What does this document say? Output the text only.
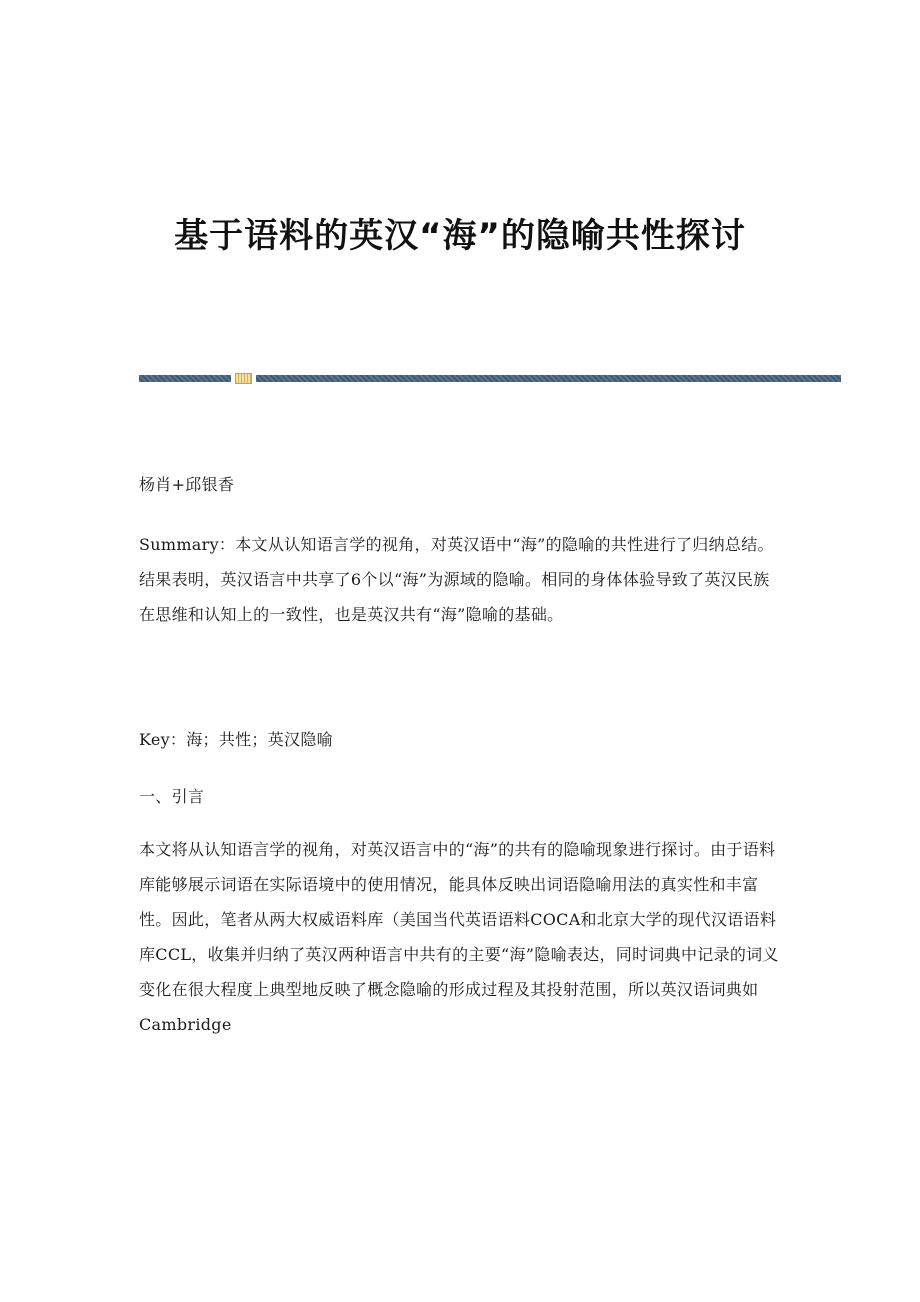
基于语料的英汉“海”的隐喻共性探讨

杨肖+邱银香

Summary：本文从认知语言学的视角，对英汉语中“海”的隐喻的共性进行了归纳总结。结果表明，英汉语言中共享了6个以“海”为源域的隐喻。相同的身体体验导致了英汉民族在思维和认知上的一致性，也是英汉共有“海”隐喻的基础。

Key：海；共性；英汉隐喻

一、引言

本文将从认知语言学的视角，对英汉语言中的“海”的共有的隐喻现象进行探讨。由于语料库能够展示词语在实际语境中的使用情况，能具体反映出词语隐喻用法的真实性和丰富性。因此，笔者从两大权威语料库（美国当代英语语料COCA和北京大学的现代汉语语料库CCL，收集并归纳了英汉两种语言中共有的主要“海”隐喻表达，同时词典中记录的词义变化在很大程度上典型地反映了概念隐喻的形成过程及其投射范围，所以英汉语词典如Cambridge
